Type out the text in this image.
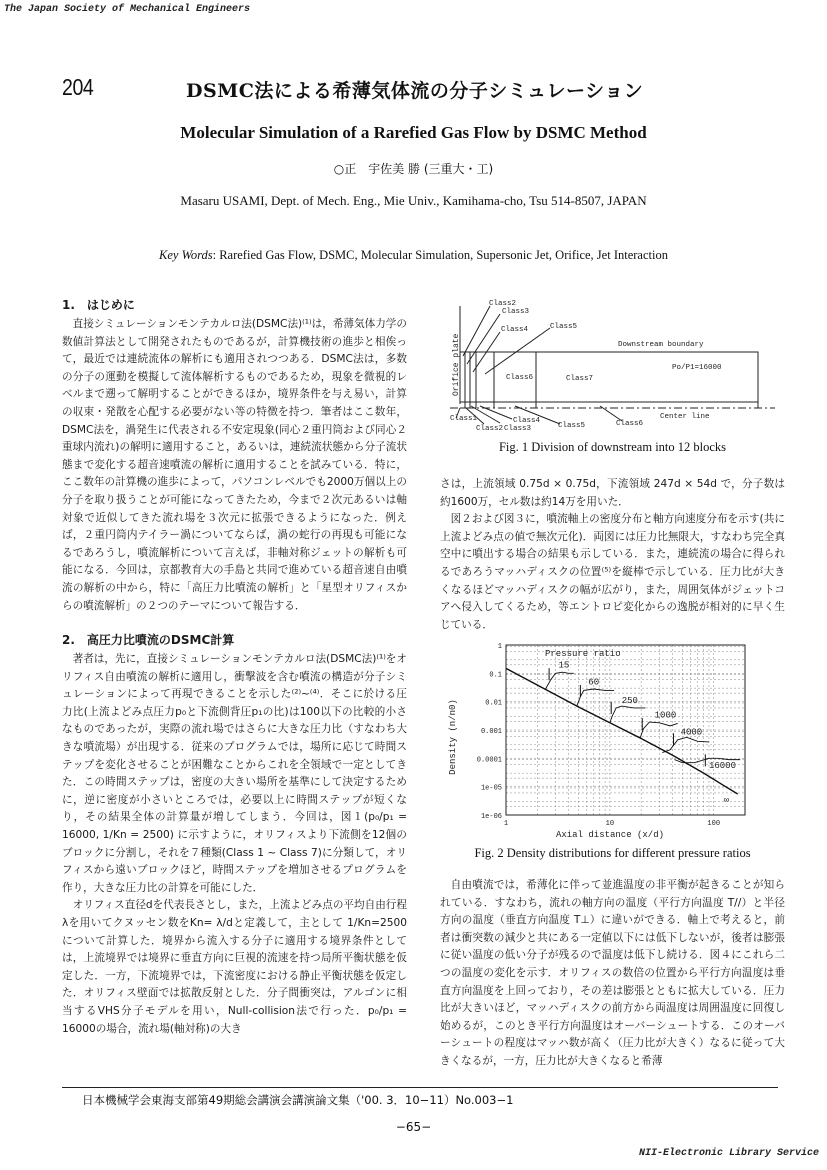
The Japan Society of Mechanical Engineers
204	DSMC法による希薄気体流の分子シミュレーション
Molecular Simulation of a Rarefied Gas Flow by DSMC Method
○正　宇佐美 勝 (三重大・工)
Masaru USAMI, Dept. of Mech. Eng., Mie Univ., Kamihama-cho, Tsu 514-8507, JAPAN
Key Words: Rarefied Gas Flow, DSMC, Molecular Simulation, Supersonic Jet, Orifice, Jet Interaction
1.　はじめに

直接シミュレーションモンテカルロ法(DSMC法)⁽¹⁾は，希薄気体力学の数値計算法として開発されたものであるが，計算機技術の進歩と相俟って，最近では連続流体の解析にも適用されつつある．DSMC法は，多数の分子の運動を模擬して流体解析するものであるため，現象を微視的レベルまで遡って解明することができるほか，境界条件を与え易い，計算の収束・発散を心配する必要がない等の特徴を持つ．筆者はここ数年，DSMC法を，渦発生に代表される不安定現象(同心２重円筒および同心２重球内流れ)の解明に適用すること，あるいは，連続流状態から分子流状態まで変化する超音速噴流の解析に適用することを試みている．特に，ここ数年の計算機の進歩によって，パソコンレベルでも2000万個以上の分子を取り扱うことが可能になってきたため，今まで２次元あるいは軸対象で近似してきた流れ場を３次元に拡張できるようになった．例えば，２重円筒内テイラー渦についてならば，渦の蛇行の再現も可能になるであろうし，噴流解析について言えば，非軸対称ジェットの解析も可能になる．今回は，京都教育大の手島と共同で進めている超音速自由噴流の解析の中から，特に「高圧力比噴流の解析」と「星型オリフィスからの噴流解析」の２つのテーマについて報告する．

2.　高圧力比噴流のDSMC計算

著者は，先に，直接シミュレーションモンテカルロ法(DSMC法)⁽¹⁾をオリフィス自由噴流の解析に適用し，衝撃波を含む噴流の構造が分子シミュレーションによって再現できることを示した⁽²⁾~⁽⁴⁾．そこに於ける圧力比(上流よどみ点圧力p₀と下流側背圧p₁の比)は100以下の比較的小さなものであったが，実際の流れ場ではさらに大きな圧力比（すなわち大きな噴流場）が出現する．従来のプログラムでは，場所に応じて時間ステップを変化させることが困難なことからこれを全領域で一定としてきた．この時間ステップは，密度の大きい場所を基準にして決定するために，逆に密度が小さいところでは，必要以上に時間ステップが短くなり，その結果全体の計算量が増してしまう．今回は，図１(p₀/p₁ = 16000, 1/Kn = 2500) に示すように，オリフィスより下流側を12個のブロックに分割し，それを７種類(Class 1 ~ Class 7)に分類して，オリフィスから遠いブロックほど，時間ステップを増加させるプログラムを作り，大きな圧力比の計算を可能にした．

オリフィス直径dを代表長さとし，また，上流よどみ点の平均自由行程λを用いてクヌッセン数をKn= λ/dと定義して，主として 1/Kn=2500 について計算した．境界から流入する分子に適用する境界条件としては，上流境界では境界に垂直方向に巨視的流速を持つ局所平衡状態を仮定した．一方，下流境界では，下流密度における静止平衡状態を仮定した．オリフィス壁面では拡散反射とした．分子間衝突は，アルゴンに相当するVHS分子モデルを用い，Null-collision法で行った．p₀/p₁ = 16000の場合，流れ場(軸対称)の大き

Class2
Class3
Class4	Class5
Class6	Class7
Downstream boundary
Po/P1=16000
Center line
Class1
Class2 Class3
Class4
Class5	Class6
Orifice plate
Fig. 1 Division of downstream into 12 blocks

さは，上流領域 0.75d × 0.75d，下流領域 247d × 54d で，分子数は約1600万，セル数は約14万を用いた．

図２および図３に，噴流軸上の密度分布と軸方向速度分布を示す(共に上流よどみ点の値で無次元化)．両図には圧力比無限大，すなわち完全真空中に噴出する場合の結果も示している．また，連続流の場合に得られるであろうマッハディスクの位置⁽⁵⁾を縦棒で示している．圧力比が大きくなるほどマッハディスクの幅が広がり，また，周囲気体がジェットコアへ侵入してくるため，等エントロピ変化からの逸脱が相対的に早く生じている．

1	10	100
1
0.1
0.01
0.001
0.0001
1e-05
1e-06
Pressure ratio
∞
15
60
250
1000
4000
16000
Axial distance (x/d)
Density (n/n0)
Fig. 2 Density distributions for different pressure ratios

自由噴流では，希薄化に伴って並進温度の非平衡が起きることが知られている．すなわち，流れの軸方向の温度（平行方向温度 T//）と半径方向の温度（垂直方向温度 T⊥）に違いができる．軸上で考えると，前者は衝突数の減少と共にある一定値以下には低下しないが，後者は膨張に従い温度の低い分子が残るので温度は低下し続ける．図４にこれら二つの温度の変化を示す．オリフィスの数倍の位置から平行方向温度は垂直方向温度を上回っており，その差は膨張とともに拡大している．圧力比が大きいほど，マッハディスクの前方から両温度は周囲温度に回復し始めるが，このとき平行方向温度はオーバーシュートする．このオーバーシュートの程度はマッハ数が高く（圧力比が大きく）なるに従って大きくなるが，一方，圧力比が大きくなると希薄

日本機械学会東海支部第49期総会講演会講演論文集（'00. 3．10−11）No.003−1
−65−
NII-Electronic Library Service
